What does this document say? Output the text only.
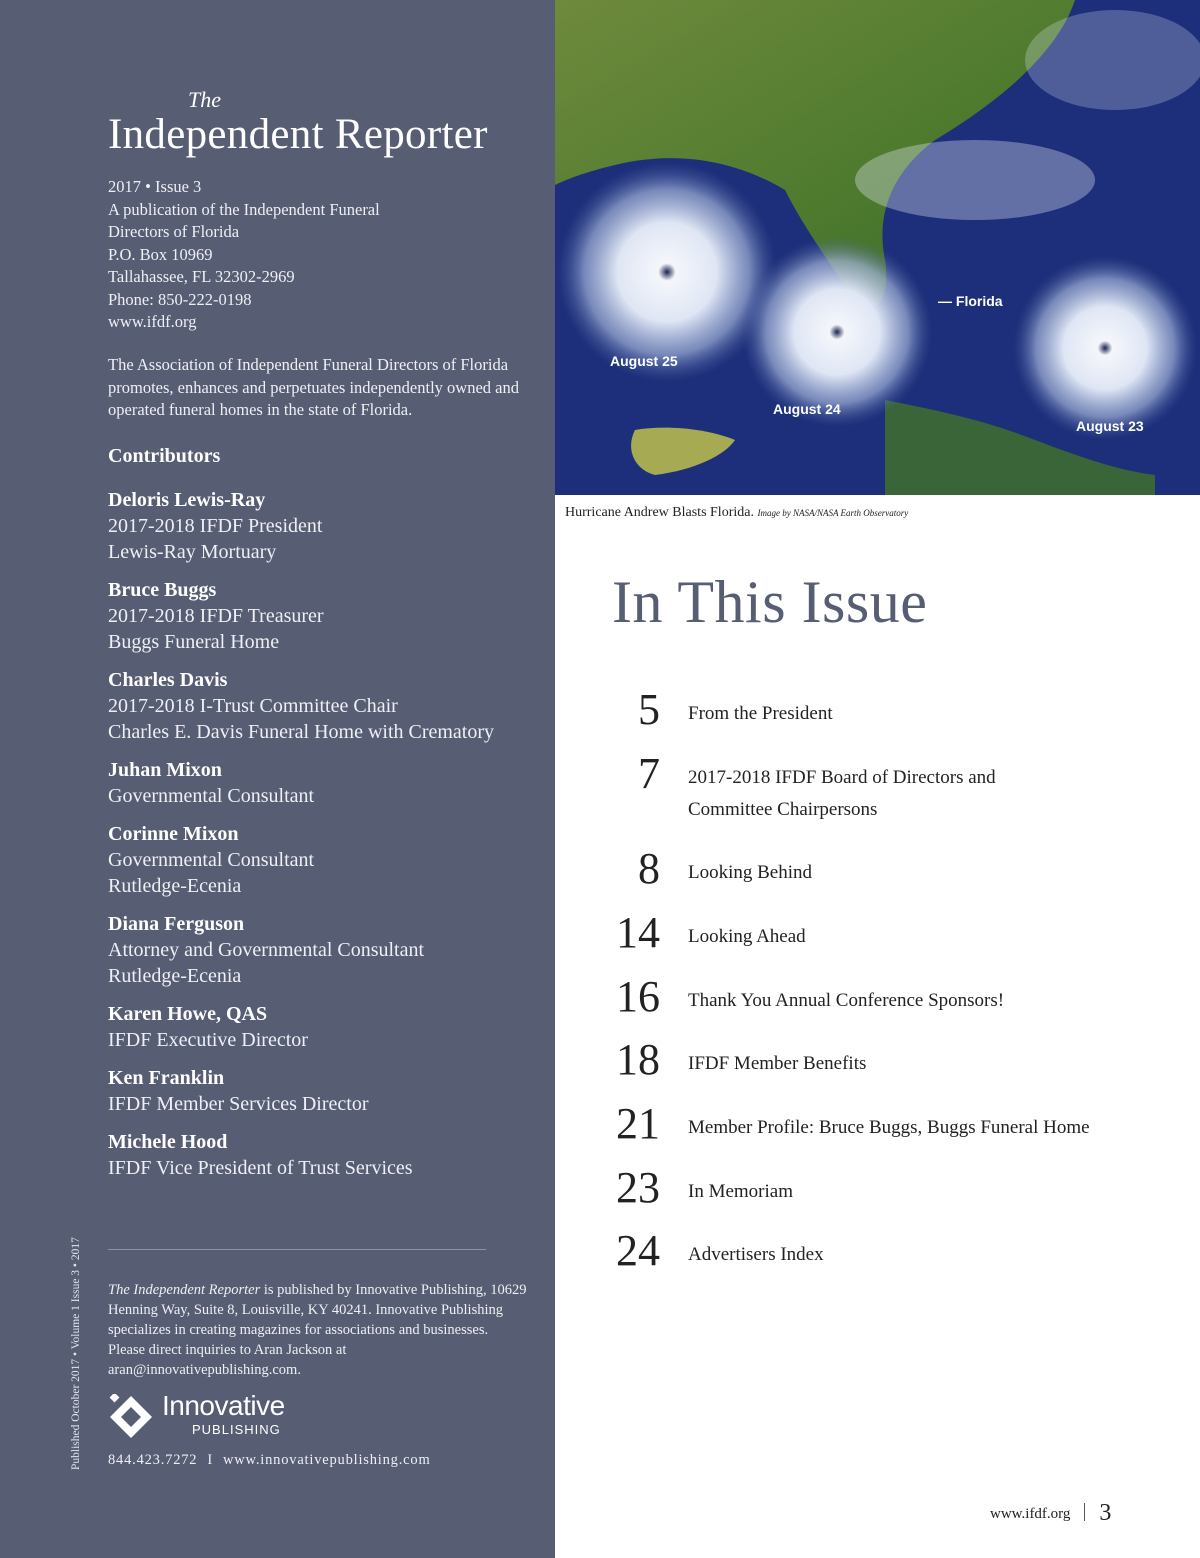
The
Independent Reporter
2017 • Issue 3
A publication of the Independent Funeral
Directors of Florida
P.O. Box 10969
Tallahassee, FL 32302-2969
Phone: 850-222-0198
www.ifdf.org
The Association of Independent Funeral Directors of Florida promotes, enhances and perpetuates independently owned and operated funeral homes in the state of Florida.
Contributors
Deloris Lewis-Ray
2017-2018 IFDF President
Lewis-Ray Mortuary
Bruce Buggs
2017-2018 IFDF Treasurer
Buggs Funeral Home
Charles Davis
2017-2018 I-Trust Committee Chair
Charles E. Davis Funeral Home with Crematory
Juhan Mixon
Governmental Consultant
Corinne Mixon
Governmental Consultant
Rutledge-Ecenia
Diana Ferguson
Attorney and Governmental Consultant
Rutledge-Ecenia
Karen Howe, QAS
IFDF Executive Director
Ken Franklin
IFDF Member Services Director
Michele Hood
IFDF Vice President of Trust Services
The Independent Reporter is published by Innovative Publishing, 10629 Henning Way, Suite 8, Louisville, KY 40241. Innovative Publishing specializes in creating magazines for associations and businesses. Please direct inquiries to Aran Jackson at aran@innovativepublishing.com.
Innovative
PUBLISHING
844.423.7272 I www.innovativepublishing.com
Published October 2017 • Volume 1 Issue 3 • 2017
August 25
August 24
August 23
— Florida
Hurricane Andrew Blasts Florida. Image by NASA/NASA Earth Observatory
In This Issue
5 From the President
7 2017-2018 IFDF Board of Directors and Committee Chairpersons
8 Looking Behind
14 Looking Ahead
16 Thank You Annual Conference Sponsors!
18 IFDF Member Benefits
21 Member Profile: Bruce Buggs, Buggs Funeral Home
23 In Memoriam
24 Advertisers Index
www.ifdf.org 3
